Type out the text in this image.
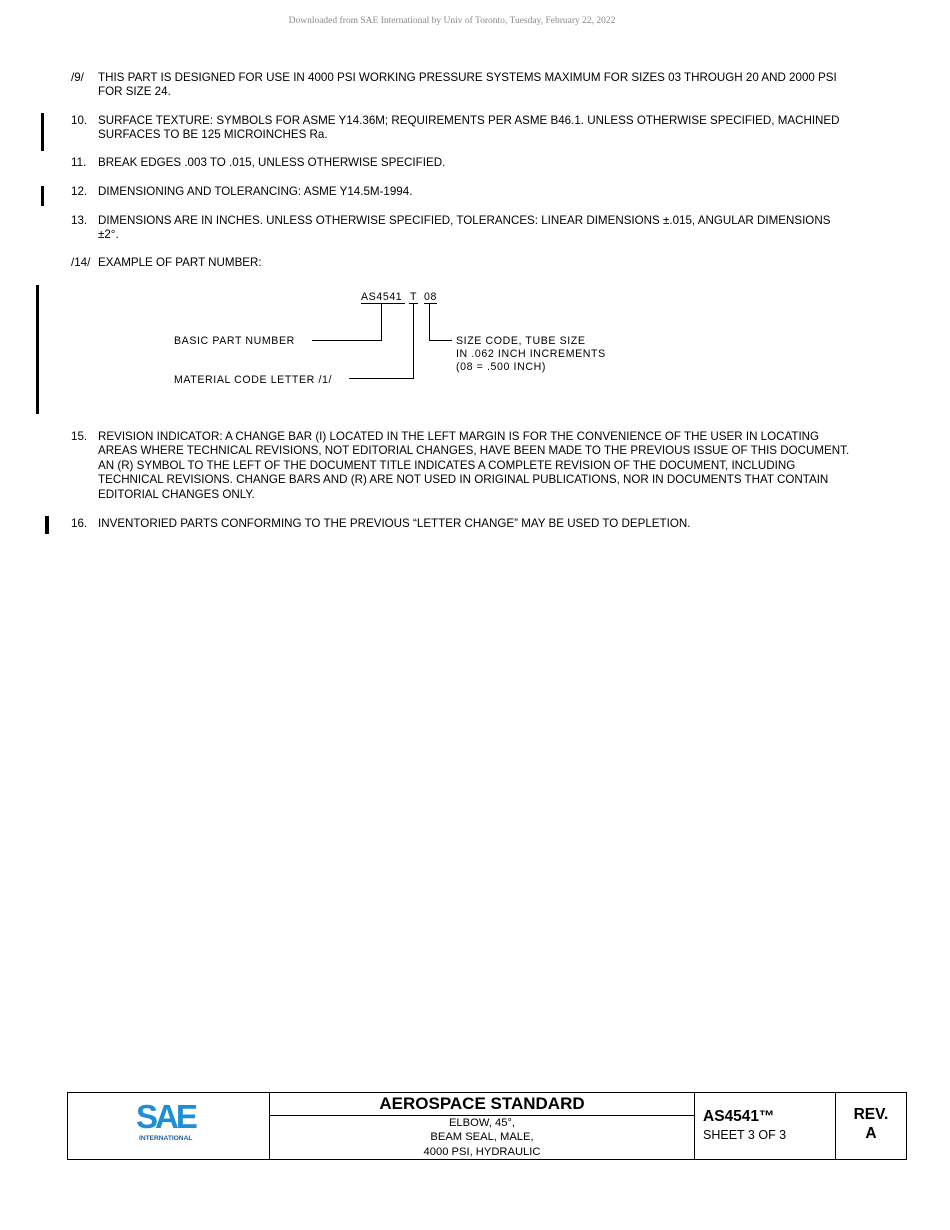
Downloaded from SAE International by Univ of Toronto, Tuesday, February 22, 2022
/9/ THIS PART IS DESIGNED FOR USE IN 4000 PSI WORKING PRESSURE SYSTEMS MAXIMUM FOR SIZES 03 THROUGH 20 AND 2000 PSI FOR SIZE 24.
10. SURFACE TEXTURE: SYMBOLS FOR ASME Y14.36M; REQUIREMENTS PER ASME B46.1. UNLESS OTHERWISE SPECIFIED, MACHINED SURFACES TO BE 125 MICROINCHES Ra.
11. BREAK EDGES .003 TO .015, UNLESS OTHERWISE SPECIFIED.
12. DIMENSIONING AND TOLERANCING: ASME Y14.5M-1994.
13. DIMENSIONS ARE IN INCHES. UNLESS OTHERWISE SPECIFIED, TOLERANCES: LINEAR DIMENSIONS ±.015, ANGULAR DIMENSIONS ±2°.
/14/ EXAMPLE OF PART NUMBER:
AS4541 T 08
BASIC PART NUMBER
MATERIAL CODE LETTER /1/
SIZE CODE, TUBE SIZE
IN .062 INCH INCREMENTS
(08 = .500 INCH)
15. REVISION INDICATOR: A CHANGE BAR (I) LOCATED IN THE LEFT MARGIN IS FOR THE CONVENIENCE OF THE USER IN LOCATING AREAS WHERE TECHNICAL REVISIONS, NOT EDITORIAL CHANGES, HAVE BEEN MADE TO THE PREVIOUS ISSUE OF THIS DOCUMENT. AN (R) SYMBOL TO THE LEFT OF THE DOCUMENT TITLE INDICATES A COMPLETE REVISION OF THE DOCUMENT, INCLUDING TECHNICAL REVISIONS. CHANGE BARS AND (R) ARE NOT USED IN ORIGINAL PUBLICATIONS, NOR IN DOCUMENTS THAT CONTAIN EDITORIAL CHANGES ONLY.
16. INVENTORIED PARTS CONFORMING TO THE PREVIOUS “LETTER CHANGE” MAY BE USED TO DEPLETION.
SAE
INTERNATIONAL
AEROSPACE STANDARD
ELBOW, 45°,
BEAM SEAL, MALE,
4000 PSI, HYDRAULIC
AS4541™
SHEET 3 OF 3
REV.
A
